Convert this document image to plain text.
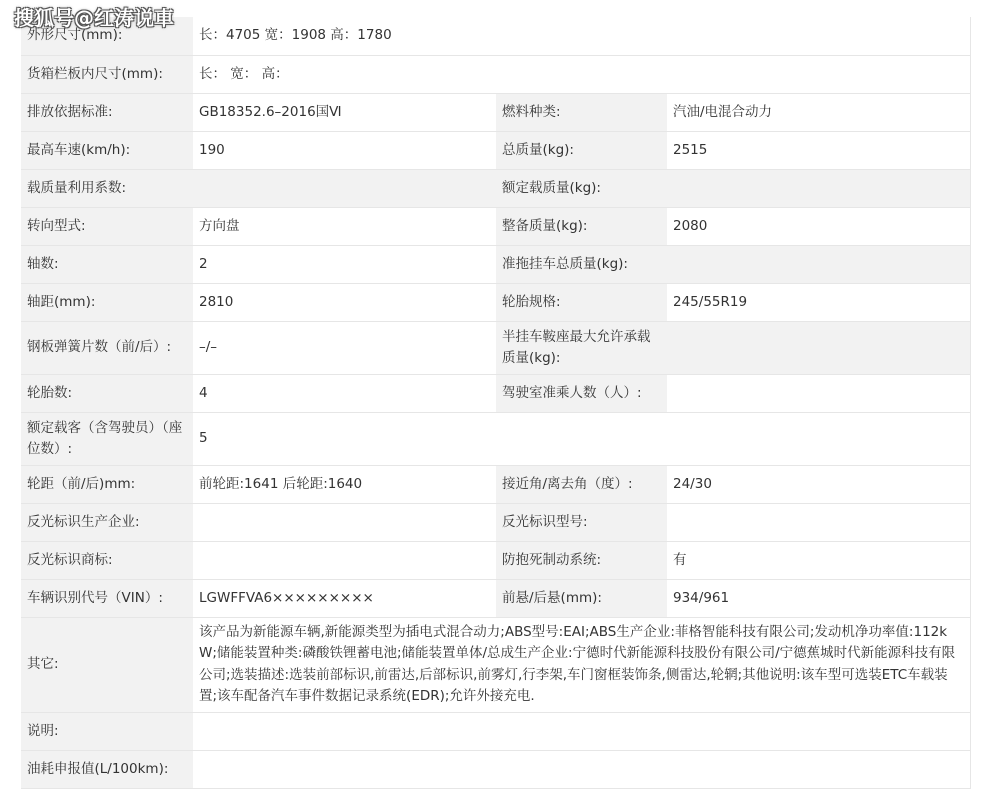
搜狐号@红涛说車
外形尺寸(mm):	长：4705 宽：1908 高：1780		
货箱栏板内尺寸(mm):	长： 宽： 高：		
排放依据标准:	GB18352.6–2016国Ⅵ	燃料种类:	汽油/电混合动力
最高车速(km/h):	190	总质量(kg):	2515
载质量利用系数:		额定载质量(kg):	
转向型式:	方向盘	整备质量(kg):	2080
轴数:	2	准拖挂车总质量(kg):	
轴距(mm):	2810	轮胎规格:	245/55R19
钢板弹簧片数（前/后）:	–/–	半挂车鞍座最大允许承载质量(kg):	
轮胎数:	4	驾驶室准乘人数（人）:	
额定载客（含驾驶员）（座位数）:	5		
轮距（前/后)mm:	前轮距:1641 后轮距:1640	接近角/离去角（度）:	24/30
反光标识生产企业:		反光标识型号:	
反光标识商标:		防抱死制动系统:	有
车辆识别代号（VIN）:	LGWFFVA6×××××××××	前悬/后悬(mm):	934/961
其它:	该产品为新能源车辆,新能源类型为插电式混合动力;ABS型号:EAI;ABS生产企业:菲格智能科技有限公司;发动机净功率值:112kW;储能装置种类:磷酸铁锂蓄电池;储能装置单体/总成生产企业:宁德时代新能源科技股份有限公司/宁德蕉城时代新能源科技有限公司;选装描述:选装前部标识,前雷达,后部标识,前雾灯,行李架,车门窗框装饰条,侧雷达,轮辋;其他说明:该车型可选装ETC车载装置;该车配备汽车事件数据记录系统(EDR);允许外接充电.		
说明:			
油耗申报值(L/100km):			
